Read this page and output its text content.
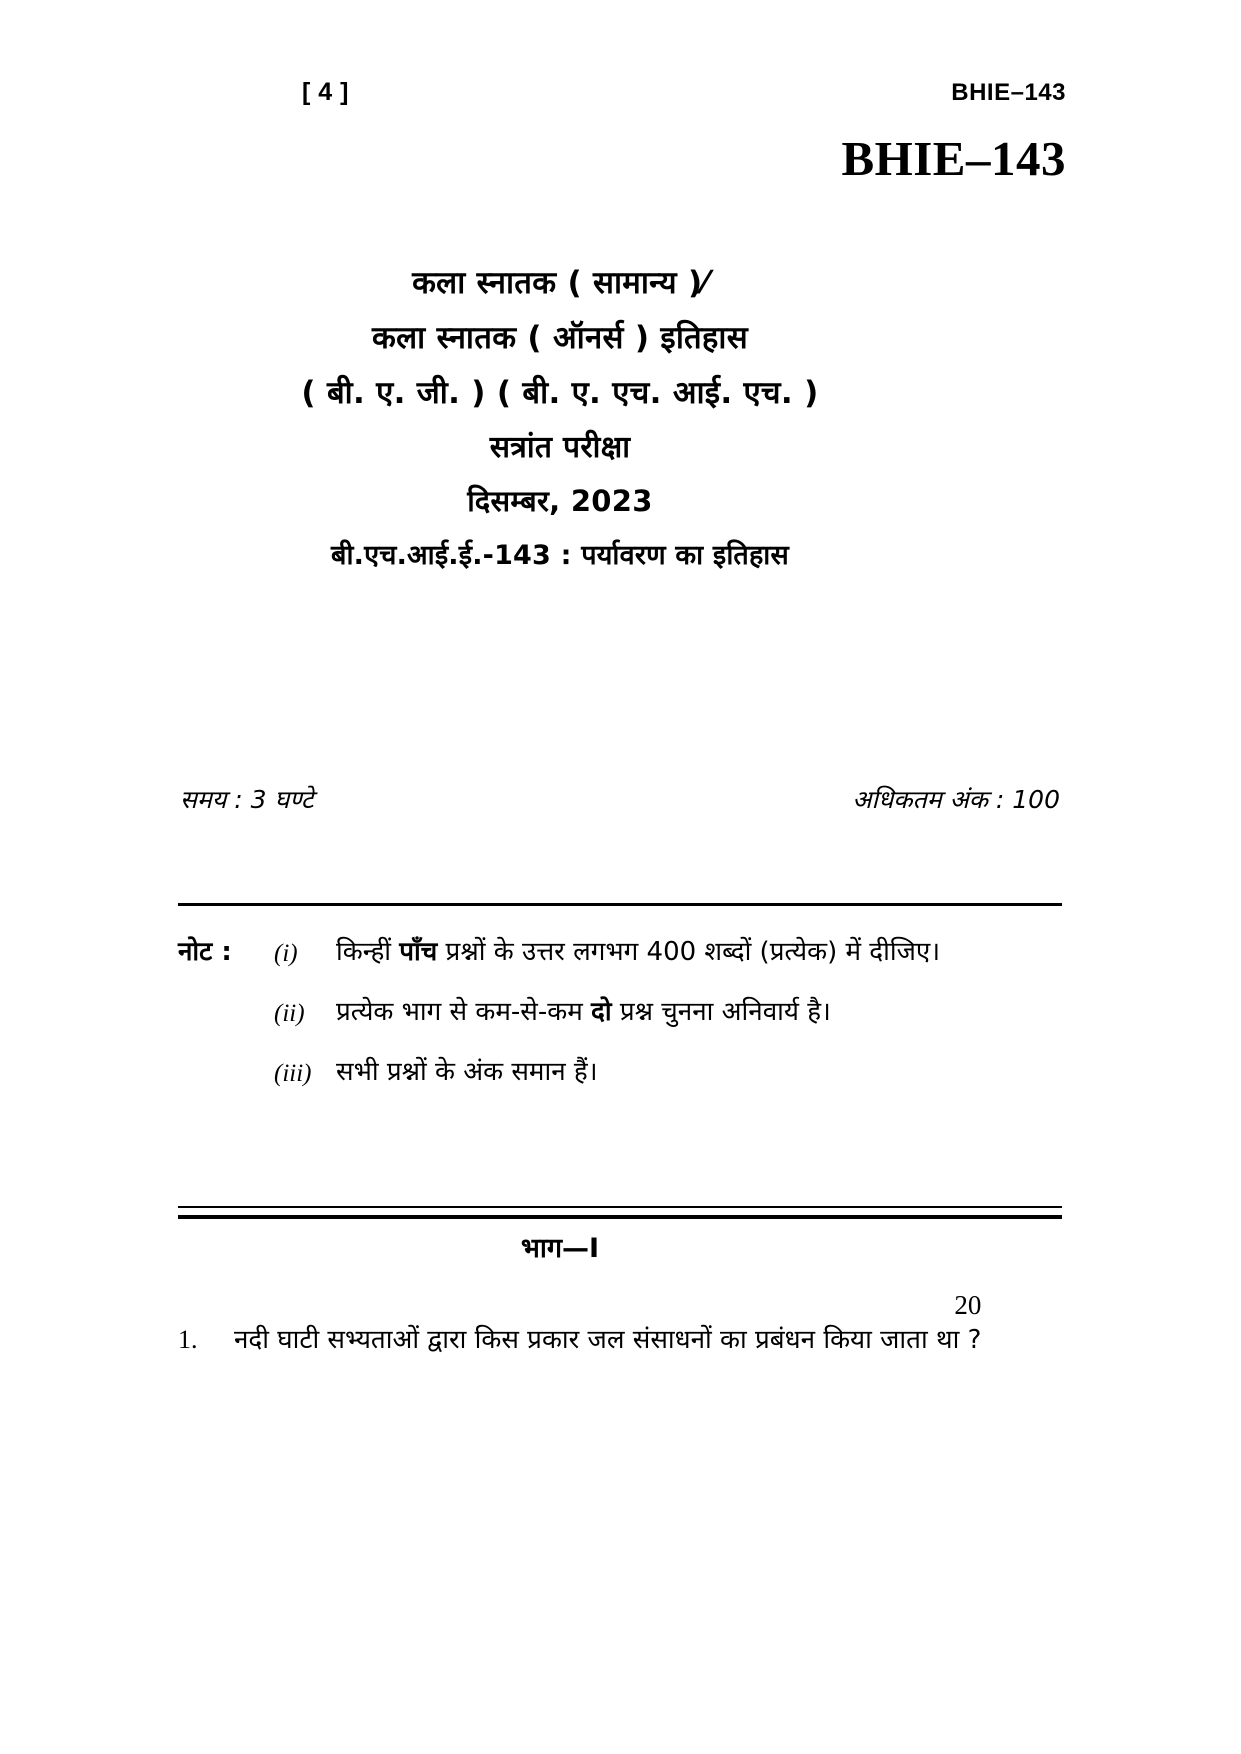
[ 4 ]	BHIE–143
BHIE–143
कला स्नातक ( सामान्य )⁄
कला स्नातक ( ऑनर्स ) इतिहास
( बी. ए. जी. ) ( बी. ए. एच. आई. एच. )
सत्रांत परीक्षा
दिसम्बर, 2023
बी.एच.आई.ई.-143 : पर्यावरण का इतिहास
समय : 3 घण्टे	अधिकतम अंक : 100
नोट :	(i)	किन्हीं पाँच प्रश्नों के उत्तर लगभग 400 शब्दों (प्रत्येक) में दीजिए।
(ii)	प्रत्येक भाग से कम-से-कम दो प्रश्न चुनना अनिवार्य है।
(iii) सभी प्रश्नों के अंक समान हैं।
भाग—I
1.	नदी घाटी सभ्यताओं द्वारा किस प्रकार जल संसाधनों का प्रबंधन किया जाता था ?
20
